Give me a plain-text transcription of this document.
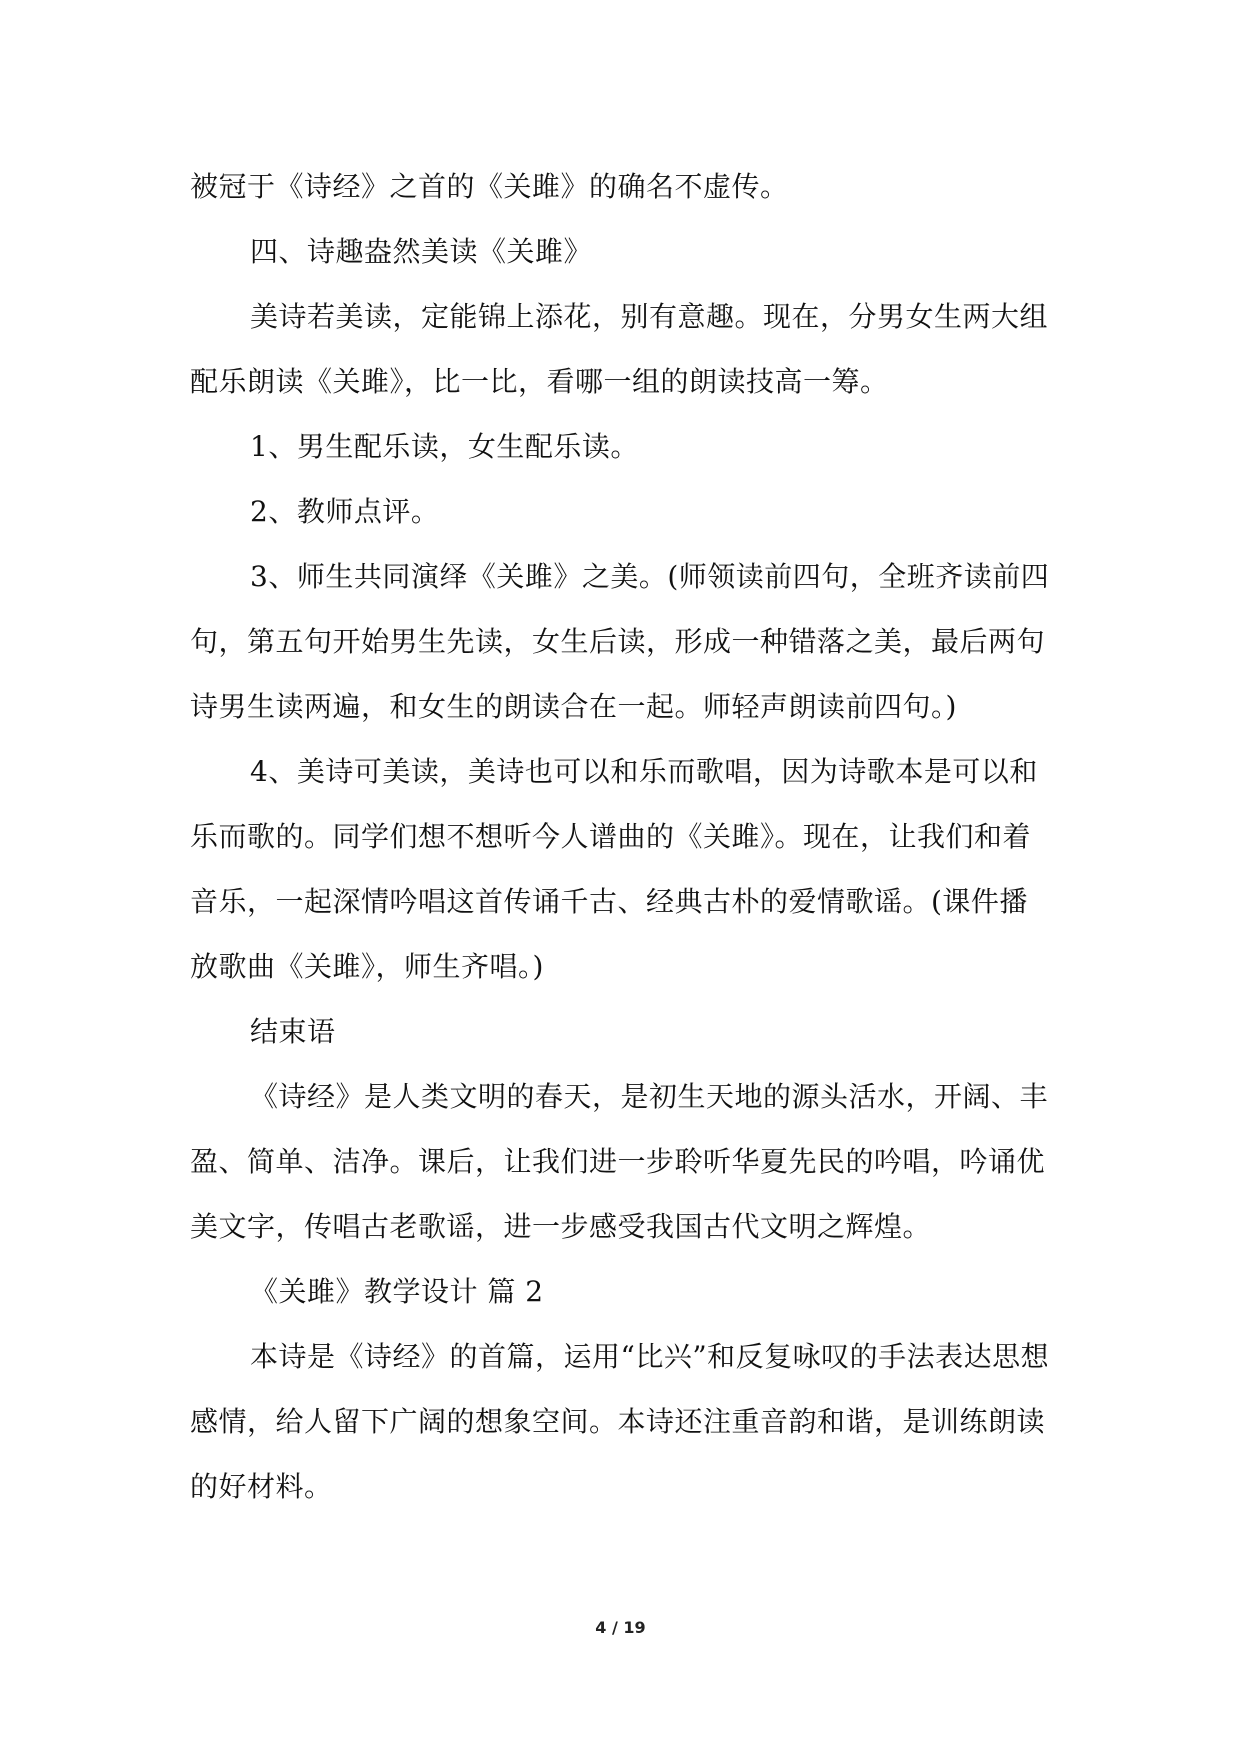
被冠于《诗经》之首的《关雎》的确名不虚传。

四、诗趣盎然美读《关雎》

美诗若美读，定能锦上添花，别有意趣。现在，分男女生两大组配乐朗读《关雎》，比一比，看哪一组的朗读技高一筹。

1、男生配乐读，女生配乐读。

2、教师点评。

3、师生共同演绎《关雎》之美。(师领读前四句，全班齐读前四句，第五句开始男生先读，女生后读，形成一种错落之美，最后两句诗男生读两遍，和女生的朗读合在一起。师轻声朗读前四句。)

4、美诗可美读，美诗也可以和乐而歌唱，因为诗歌本是可以和乐而歌的。同学们想不想听今人谱曲的《关雎》。现在，让我们和着音乐，一起深情吟唱这首传诵千古、经典古朴的爱情歌谣。(课件播放歌曲《关雎》，师生齐唱。)

结束语

《诗经》是人类文明的春天，是初生天地的源头活水，开阔、丰盈、简单、洁净。课后，让我们进一步聆听华夏先民的吟唱，吟诵优美文字，传唱古老歌谣，进一步感受我国古代文明之辉煌。

《关雎》教学设计 篇 2

本诗是《诗经》的首篇，运用“比兴”和反复咏叹的手法表达思想感情，给人留下广阔的想象空间。本诗还注重音韵和谐，是训练朗读的好材料。

4 / 19
